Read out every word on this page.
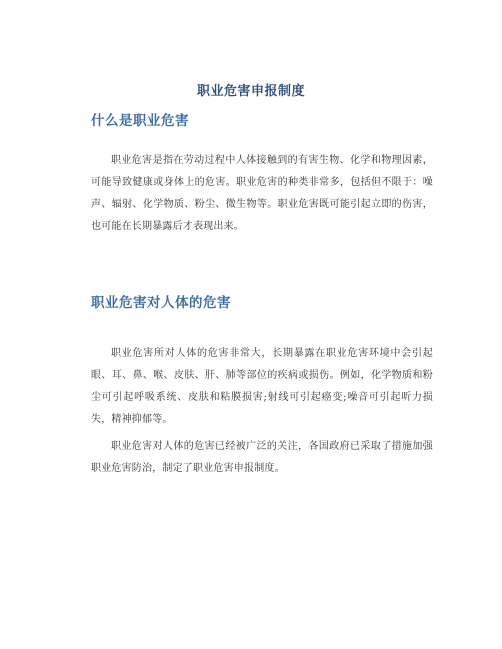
职业危害申报制度
什么是职业危害

职业危害是指在劳动过程中人体接触到的有害生物、化学和物理因素，可能导致健康或身体上的危害。职业危害的种类非常多，包括但不限于：噪声、辐射、化学物质、粉尘、微生物等。职业危害既可能引起立即的伤害，也可能在长期暴露后才表现出来。

职业危害对人体的危害

职业危害所对人体的危害非常大，长期暴露在职业危害环境中会引起眼、耳、鼻、喉、皮肤、肝、肺等部位的疾病或损伤。例如，化学物质和粉尘可引起呼吸系统、皮肤和粘膜损害;射线可引起癌变;噪音可引起听力损失，精神抑郁等。

职业危害对人体的危害已经被广泛的关注，各国政府已采取了措施加强职业危害防治，制定了职业危害申报制度。
